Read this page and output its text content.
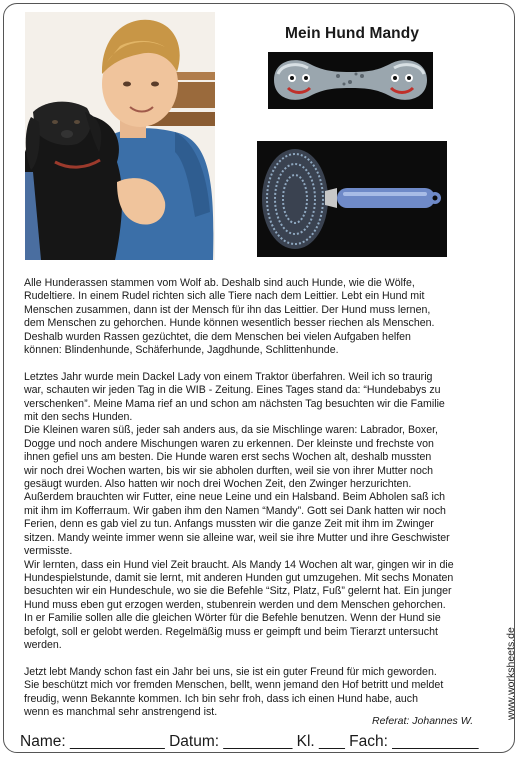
Mein Hund Mandy

Alle Hunderassen stammen vom Wolf ab. Deshalb sind auch Hunde, wie die Wölfe,
Rudeltiere. In einem Rudel richten sich alle Tiere nach dem Leittier. Lebt ein Hund mit
Menschen zusammen, dann ist der Mensch für ihn das Leittier. Der Hund muss lernen,
dem Menschen zu gehorchen. Hunde können wesentlich besser riechen als Menschen.
Deshalb wurden Rassen gezüchtet, die dem Menschen bei vielen Aufgaben helfen
können: Blindenhunde, Schäferhunde, Jagdhunde, Schlittenhunde.

Letztes Jahr wurde mein Dackel Lady von einem Traktor überfahren. Weil ich so traurig
war, schauten wir jeden Tag in die WIB - Zeitung. Eines Tages stand da: “Hundebabys zu
verschenken”. Meine Mama rief an und schon am nächsten Tag besuchten wir die Familie
mit den sechs Hunden.
Die Kleinen waren süß, jeder sah anders aus, da sie Mischlinge waren: Labrador, Boxer,
Dogge und noch andere Mischungen waren zu erkennen. Der kleinste und frechste von
ihnen gefiel uns am besten. Die Hunde waren erst sechs Wochen alt, deshalb mussten
wir noch drei Wochen warten, bis wir sie abholen durften, weil sie von ihrer Mutter noch
gesäugt wurden. Also hatten wir noch drei Wochen Zeit, den Zwinger herzurichten.
Außerdem brauchten wir Futter, eine neue Leine und ein Halsband. Beim Abholen saß ich
mit ihm im Kofferraum. Wir gaben ihm den Namen “Mandy”. Gott sei Dank hatten wir noch
Ferien, denn es gab viel zu tun. Anfangs mussten wir die ganze Zeit mit ihm im Zwinger
sitzen. Mandy weinte immer wenn sie alleine war, weil sie ihre Mutter und ihre Geschwister
vermisste.
Wir lernten, dass ein Hund viel Zeit braucht. Als Mandy 14 Wochen alt war, gingen wir in die
Hundespielstunde, damit sie lernt, mit anderen Hunden gut umzugehen. Mit sechs Monaten
besuchten wir ein Hundeschule, wo sie die Befehle “Sitz, Platz, Fuß” gelernt hat. Ein junger
Hund muss eben gut erzogen werden, stubenrein werden und dem Menschen gehorchen.
In er Familie sollen alle die gleichen Wörter für die Befehle benutzen. Wenn der Hund sie
befolgt, soll er gelobt werden. Regelmäßig muss er geimpft und beim Tierarzt untersucht
werden.

Jetzt lebt Mandy schon fast ein Jahr bei uns, sie ist ein guter Freund für mich geworden.
Sie beschützt mich vor fremden Menschen, bellt, wenn jemand den Hof betritt und meldet
freudig, wenn Bekannte kommen. Ich bin sehr froh, dass ich einen Hund habe, auch
wenn es manchmal sehr anstrengend ist.

Referat: Johannes W.
www.worksheets.de
Name: ___________ Datum: ________ Kl. ___ Fach: __________
